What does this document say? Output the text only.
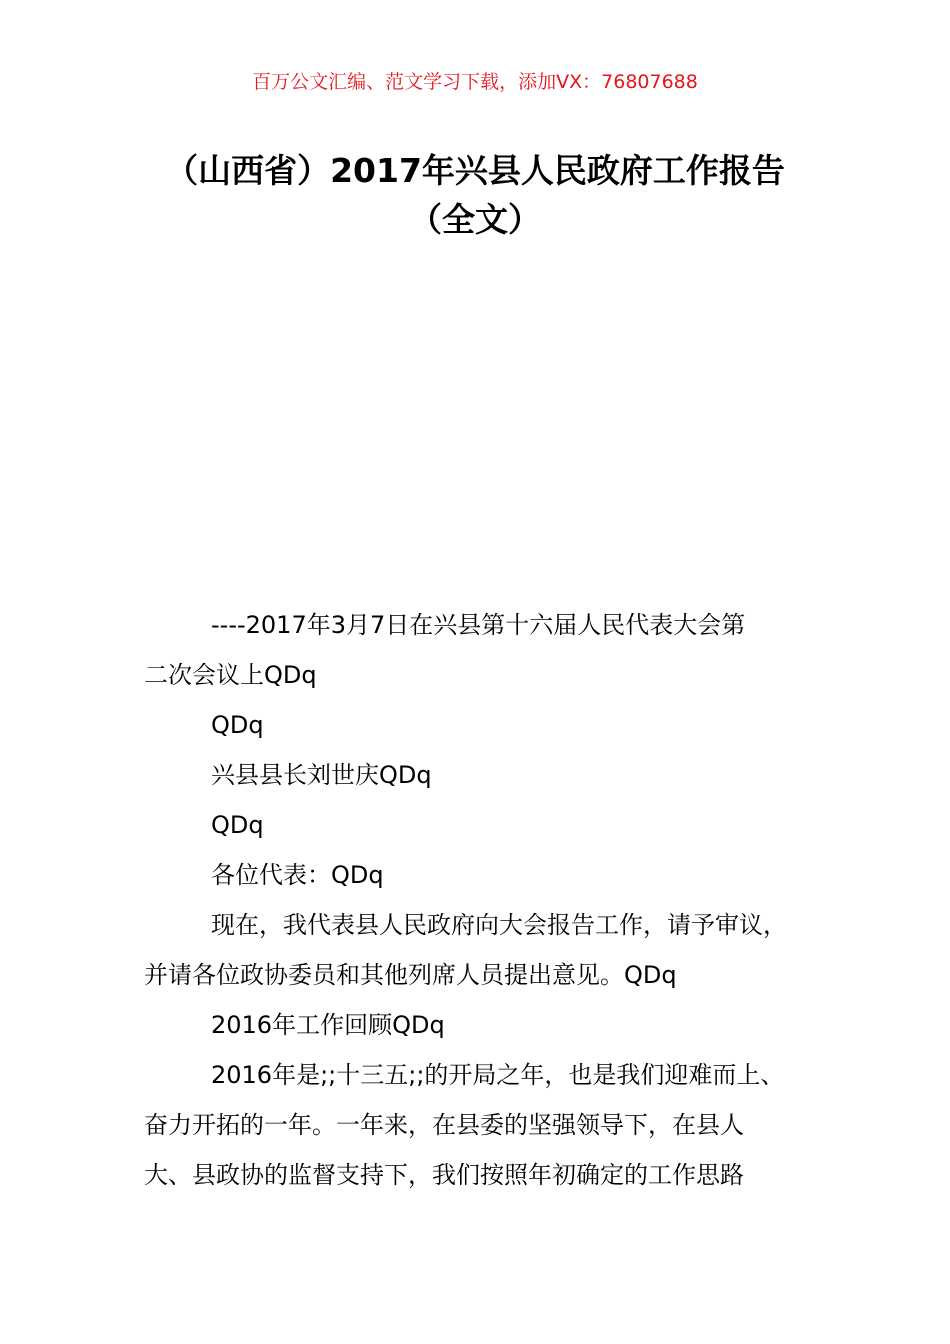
百万公文汇编、范文学习下载，添加VX：76807688
（山西省）2017年兴县人民政府工作报告
（全文）

----2017年3月7日在兴县第十六届人民代表大会第

二次会议上QDq

QDq

兴县县长刘世庆QDq

QDq

各位代表：QDq

现在，我代表县人民政府向大会报告工作，请予审议，

并请各位政协委员和其他列席人员提出意见。QDq

2016年工作回顾QDq

2016年是;;十三五;;的开局之年，也是我们迎难而上、

奋力开拓的一年。一年来，在县委的坚强领导下，在县人

大、县政协的监督支持下，我们按照年初确定的工作思路
